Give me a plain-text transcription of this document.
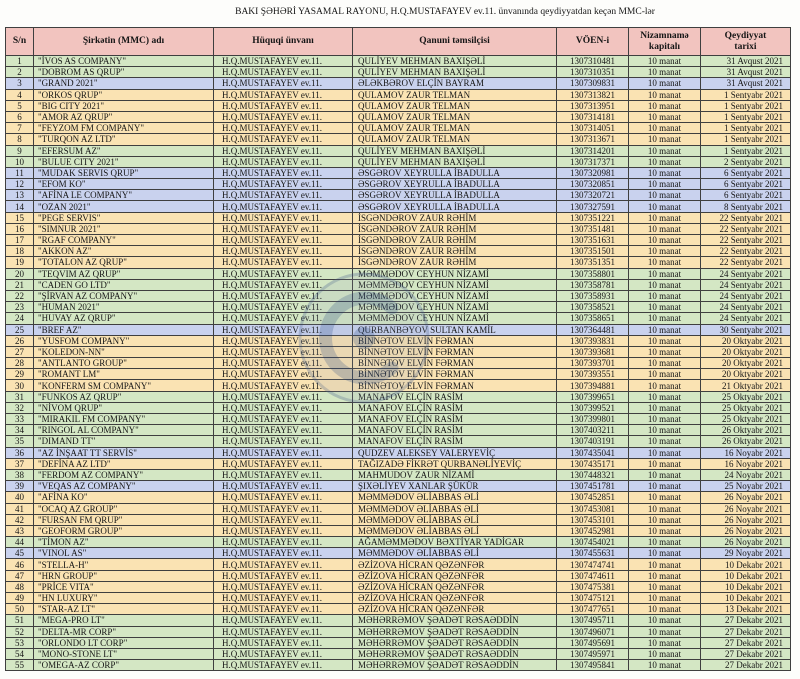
BAKI ŞƏHƏRİ YASAMAL RAYONU, H.Q.MUSTAFAYEV ev.11. ünvanında qeydiyyatdan keçən MMC-lər
S/n	Şirkətin (MMC) adı	Hüquqi ünvanı	Qanuni təmsilçisi	VÖEN-i	Nizamnamə kapitalı	Qeydiyyat tarixi
1	"İVOS AS COMPANY"	H.Q.MUSTAFAYEV ev.11.	QULİYEV MEHMAN BAXIŞƏLİ	1307310481	10 manat	31 Avqust 2021
2	"DOBROM AS QRUP"	H.Q.MUSTAFAYEV ev.11.	QULİYEV MEHMAN BAXIŞƏLİ	1307310351	10 manat	31 Avqust 2021
3	"GRAND 2021"	H.Q.MUSTAFAYEV ev.11.	ƏLƏKBƏROV ELÇİN BAYRAM	1307309831	10 manat	31 Avqust 2021
4	"ORKOS QRUP"	H.Q.MUSTAFAYEV ev.11.	QULAMOV ZAUR TELMAN	1307313821	10 manat	1 Sentyabr 2021
5	"BIG CITY 2021"	H.Q.MUSTAFAYEV ev.11.	QULAMOV ZAUR TELMAN	1307313951	10 manat	1 Sentyabr 2021
6	"AMOR AZ QRUP"	H.Q.MUSTAFAYEV ev.11.	QULAMOV ZAUR TELMAN	1307314181	10 manat	1 Sentyabr 2021
7	"FEYZOM FM COMPANY"	H.Q.MUSTAFAYEV ev.11.	QULAMOV ZAUR TELMAN	1307314051	10 manat	1 Sentyabr 2021
8	"TURQON AZ LTD"	H.Q.MUSTAFAYEV ev.11.	QULAMOV ZAUR TELMAN	1307313671	10 manat	1 Sentyabr 2021
9	"EFERSUM AZ"	H.Q.MUSTAFAYEV ev.11.	QULİYEV MEHMAN BAXIŞƏLİ	1307314201	10 manat	1 Sentyabr 2021
10	"BULUE CITY 2021"	H.Q.MUSTAFAYEV ev.11.	QULİYEV MEHMAN BAXIŞƏLİ	1307317371	10 manat	2 Sentyabr 2021
11	"MUDAK SERVIS QRUP"	H.Q.MUSTAFAYEV ev.11.	ƏSGƏROV XEYRULLA İBADULLA	1307320981	10 manat	6 Sentyabr 2021
12	"EFOM KO"	H.Q.MUSTAFAYEV ev.11.	ƏSGƏROV XEYRULLA İBADULLA	1307320851	10 manat	6 Sentyabr 2021
13	"AFİNA LE COMPANY"	H.Q.MUSTAFAYEV ev.11.	ƏSGƏROV XEYRULLA İBADULLA	1307320721	10 manat	6 Sentyabr 2021
14	"OZAN 2021"	H.Q.MUSTAFAYEV ev.11.	ƏSGƏROV XEYRULLA İBADULLA	1307327591	10 manat	8 Sentyabr 2021
15	"PEGE SERVIS"	H.Q.MUSTAFAYEV ev.11.	İSGƏNDƏROV ZAUR RƏHİM	1307351221	10 manat	22 Sentyabr 2021
16	"SIMNUR 2021"	H.Q.MUSTAFAYEV ev.11.	İSGƏNDƏROV ZAUR RƏHİM	1307351481	10 manat	22 Sentyabr 2021
17	"RGAF COMPANY"	H.Q.MUSTAFAYEV ev.11.	İSGƏNDƏROV ZAUR RƏHİM	1307351631	10 manat	22 Sentyabr 2021
18	"AKKON AZ"	H.Q.MUSTAFAYEV ev.11.	İSGƏNDƏROV ZAUR RƏHİM	1307351501	10 manat	22 Sentyabr 2021
19	"TOTALON AZ QRUP"	H.Q.MUSTAFAYEV ev.11.	İSGƏNDƏROV ZAUR RƏHİM	1307351351	10 manat	22 Sentyabr 2021
20	"TEQVIM AZ QRUP"	H.Q.MUSTAFAYEV ev.11.	MƏMMƏDOV CEYHUN NİZAMİ	1307358801	10 manat	24 Sentyabr 2021
21	"CADEN GO LTD"	H.Q.MUSTAFAYEV ev.11.	MƏMMƏDOV CEYHUN NİZAMİ	1307358781	10 manat	24 Sentyabr 2021
22	"ŞİRVAN AZ COMPANY"	H.Q.MUSTAFAYEV ev.11.	MƏMMƏDOV CEYHUN NİZAMİ	1307358931	10 manat	24 Sentyabr 2021
23	"HUMAN 2021"	H.Q.MUSTAFAYEV ev.11.	MƏMMƏDOV CEYHUN NİZAMİ	1307358521	10 manat	24 Sentyabr 2021
24	"HUVAY AZ QRUP"	H.Q.MUSTAFAYEV ev.11.	MƏMMƏDOV CEYHUN NİZAMİ	1307358651	10 manat	24 Sentyabr 2021
25	"BREF AZ"	H.Q.MUSTAFAYEV ev.11.	QURBANBƏYOV SULTAN KAMİL	1307364481	10 manat	30 Sentyabr 2021
26	"YUSFOM COMPANY"	H.Q.MUSTAFAYEV ev.11.	BİNNƏTOV ELVİN FƏRMAN	1307393831	10 manat	20 Oktyabr 2021
27	"KOLEDON-NN"	H.Q.MUSTAFAYEV ev.11.	BİNNƏTOV ELVİN FƏRMAN	1307393681	10 manat	20 Oktyabr 2021
28	"ANTLANTO GROUP"	H.Q.MUSTAFAYEV ev.11.	BİNNƏTOV ELVİN FƏRMAN	1307393701	10 manat	20 Oktyabr 2021
29	"ROMANT LM"	H.Q.MUSTAFAYEV ev.11.	BİNNƏTOV ELVİN FƏRMAN	1307393551	10 manat	20 Oktyabr 2021
30	"KONFERM SM COMPANY"	H.Q.MUSTAFAYEV ev.11.	BİNNƏTOV ELVİN FƏRMAN	1307394881	10 manat	21 Oktyabr 2021
31	"FUNKOS AZ QRUP"	H.Q.MUSTAFAYEV ev.11.	MANAFOV ELÇİN RASİM	1307399651	10 manat	25 Oktyabr 2021
32	"NİVOM QRUP"	H.Q.MUSTAFAYEV ev.11.	MANAFOV ELÇİN RASİM	1307399521	10 manat	25 Oktyabr 2021
33	"MIRAKIL FM COMPANY"	H.Q.MUSTAFAYEV ev.11.	MANAFOV ELÇİN RASİM	1307399801	10 manat	25 Oktyabr 2021
34	"RINGOL AL COMPANY"	H.Q.MUSTAFAYEV ev.11.	MANAFOV ELÇİN RASİM	1307403211	10 manat	26 Oktyabr 2021
35	"DIMAND TT"	H.Q.MUSTAFAYEV ev.11.	MANAFOV ELÇİN RASİM	1307403191	10 manat	26 Oktyabr 2021
36	"AZ İNŞAAT TT SERVİS"	H.Q.MUSTAFAYEV ev.11.	QUDZEV ALEKSEY VALERYEVİÇ	1307435041	10 manat	16 Noyabr 2021
37	"DEFİNA AZ LTD"	H.Q.MUSTAFAYEV ev.11.	TAĞIZADƏ FİKRƏT QURBANƏLİYEVİÇ	1307435171	10 manat	16 Noyabr 2021
38	"FERDOM AZ COMPANY"	H.Q.MUSTAFAYEV ev.11.	MAHMUDOV ZAUR NİZAMİ	1307448321	10 manat	24 Noyabr 2021
39	"VEQAS AZ COMPANY"	H.Q.MUSTAFAYEV ev.11.	ŞIXƏLİYEV XANLAR ŞÜKÜR	1307451781	10 manat	25 Noyabr 2021
40	"AFİNA KO"	H.Q.MUSTAFAYEV ev.11.	MƏMMƏDOV ƏLİABBAS ƏLİ	1307452851	10 manat	26 Noyabr 2021
41	"OCAQ AZ GROUP"	H.Q.MUSTAFAYEV ev.11.	MƏMMƏDOV ƏLİABBAS ƏLİ	1307453081	10 manat	26 Noyabr 2021
42	"FURSAN FM QRUP"	H.Q.MUSTAFAYEV ev.11.	MƏMMƏDOV ƏLİABBAS ƏLİ	1307453101	10 manat	26 Noyabr 2021
43	"GEOFORM GROUP"	H.Q.MUSTAFAYEV ev.11.	MƏMMƏDOV ƏLİABBAS ƏLİ	1307452981	10 manat	26 Noyabr 2021
44	"TİMON AZ"	H.Q.MUSTAFAYEV ev.11.	AĞAMƏMMƏDOV BƏXTİYAR YADİGAR	1307454021	10 manat	26 Noyabr 2021
45	"VINOL AS"	H.Q.MUSTAFAYEV ev.11.	MƏMMƏDOV ƏLİABBAS ƏLİ	1307455631	10 manat	29 Noyabr 2021
46	"STELLA-H"	H.Q.MUSTAFAYEV ev.11.	ƏZİZOVA HİCRAN QƏZƏNFƏR	1307474741	10 manat	10 Dekabr 2021
47	"HRN GROUP"	H.Q.MUSTAFAYEV ev.11.	ƏZİZOVA HİCRAN QƏZƏNFƏR	1307474611	10 manat	10 Dekabr 2021
48	"PRİCE VITA"	H.Q.MUSTAFAYEV ev.11.	ƏZİZOVA HİCRAN QƏZƏNFƏR	1307475381	10 manat	10 Dekabr 2021
49	"HN LUXURY"	H.Q.MUSTAFAYEV ev.11.	ƏZİZOVA HİCRAN QƏZƏNFƏR	1307475121	10 manat	10 Dekabr 2021
50	"STAR-AZ LT"	H.Q.MUSTAFAYEV ev.11.	ƏZİZOVA HİCRAN QƏZƏNFƏR	1307477651	10 manat	13 Dekabr 2021
51	"MEGA-PRO LT"	H.Q.MUSTAFAYEV ev.11.	MƏHƏRRƏMOV ŞƏADƏT RƏSAƏDDİN	1307495711	10 manat	27 Dekabr 2021
52	"DELTA-MR CORP"	H.Q.MUSTAFAYEV ev.11.	MƏHƏRRƏMOV ŞƏADƏT RƏSAƏDDİN	1307496071	10 manat	27 Dekabr 2021
53	"ORLONDO LT CORP"	H.Q.MUSTAFAYEV ev.11.	MƏHƏRRƏMOV ŞƏADƏT RƏSAƏDDİN	1307495691	10 manat	27 Dekabr 2021
54	"MONO-STONE LT"	H.Q.MUSTAFAYEV ev.11.	MƏHƏRRƏMOV ŞƏADƏT RƏSAƏDDİN	1307495971	10 manat	27 Dekabr 2021
55	"OMEGA-AZ CORP"	H.Q.MUSTAFAYEV ev.11.	MƏHƏRRƏMOV ŞƏADƏT RƏSAƏDDİN	1307495841	10 manat	27 Dekabr 2021
